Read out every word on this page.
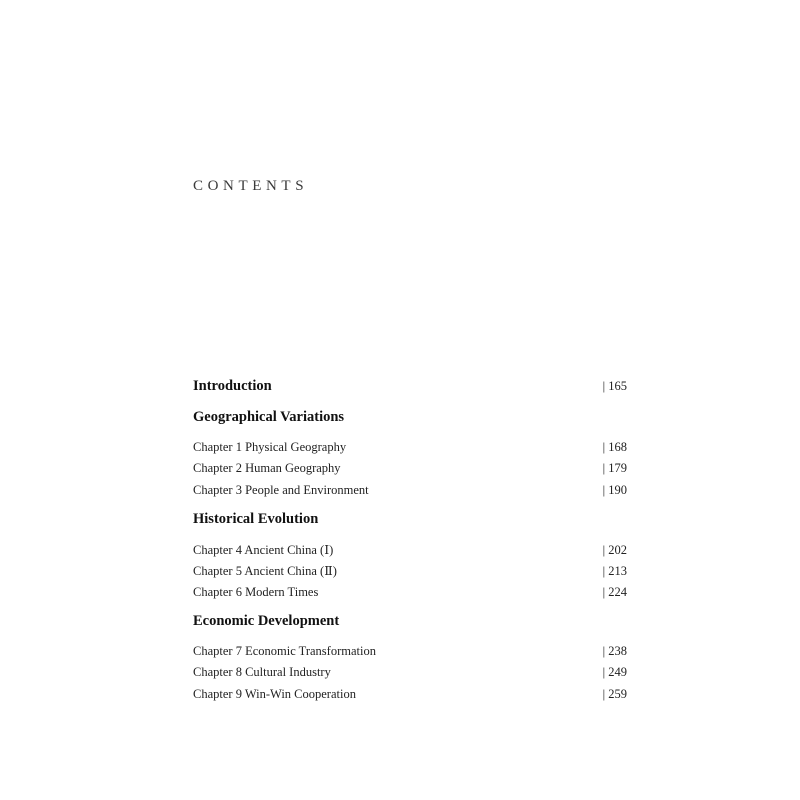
CONTENTS
Introduction	| 165
Geographical Variations
Chapter 1 Physical Geography	| 168
Chapter 2 Human Geography	| 179
Chapter 3 People and Environment	| 190
Historical Evolution
Chapter 4 Ancient China (Ⅰ)	| 202
Chapter 5 Ancient China (Ⅱ)	| 213
Chapter 6 Modern Times	| 224
Economic Development
Chapter 7 Economic Transformation	| 238
Chapter 8 Cultural Industry	| 249
Chapter 9 Win-Win Cooperation	| 259
